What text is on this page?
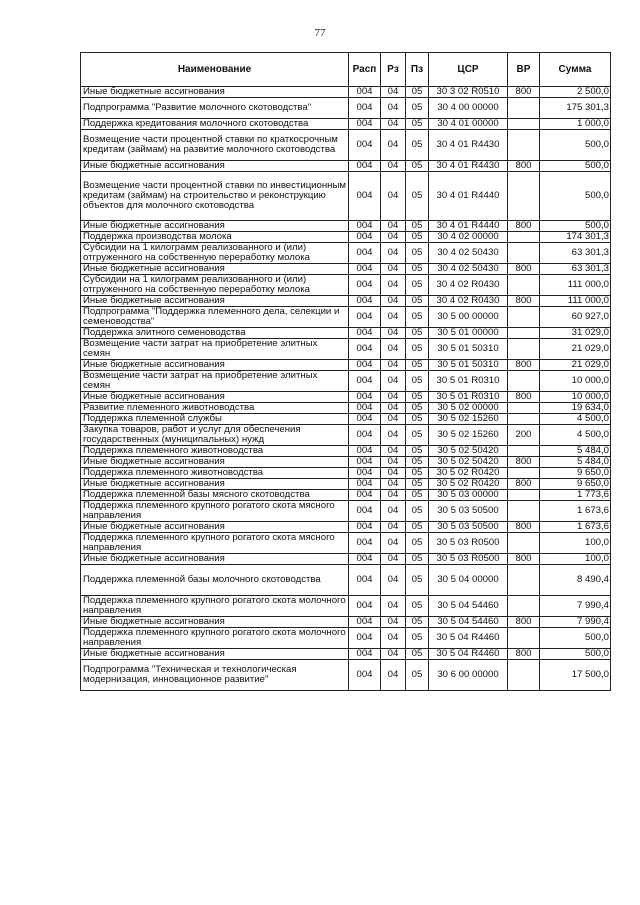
77
Наименование	Расп	Рз	Пз	ЦСР	ВР	Сумма
Иные бюджетные ассигнования	004	04	05	30 3 02 R0510	800	2 500,0
Подпрограмма "Развитие молочного скотоводства"	004	04	05	30 4 00 00000		175 301,3
Поддержка кредитования молочного скотоводства	004	04	05	30 4 01 00000		1 000,0
Возмещение части процентной ставки по краткосрочным кредитам (займам) на развитие молочного скотоводства	004	04	05	30 4 01 R4430		500,0
Иные бюджетные ассигнования	004	04	05	30 4 01 R4430	800	500,0
Возмещение части процентной ставки по инвестиционным кредитам (займам) на строительство и реконструкцию объектов для молочного скотоводства	004	04	05	30 4 01 R4440		500,0
Иные бюджетные ассигнования	004	04	05	30 4 01 R4440	800	500,0
Поддержка производства молока	004	04	05	30 4 02 00000		174 301,3
Субсидии на 1 килограмм реализованного и (или) отгруженного на собственную переработку молока	004	04	05	30 4 02 50430		63 301,3
Иные бюджетные ассигнования	004	04	05	30 4 02 50430	800	63 301,3
Субсидии на 1 килограмм реализованного и (или) отгруженного на собственную переработку молока	004	04	05	30 4 02 R0430		111 000,0
Иные бюджетные ассигнования	004	04	05	30 4 02 R0430	800	111 000,0
Подпрограмма "Поддержка племенного дела, селекции и семеноводства"	004	04	05	30 5 00 00000		60 927,0
Поддержка элитного семеноводства	004	04	05	30 5 01 00000		31 029,0
Возмещение части затрат на приобретение элитных семян	004	04	05	30 5 01 50310		21 029,0
Иные бюджетные ассигнования	004	04	05	30 5 01 50310	800	21 029,0
Возмещение части затрат на приобретение элитных семян	004	04	05	30 5 01 R0310		10 000,0
Иные бюджетные ассигнования	004	04	05	30 5 01 R0310	800	10 000,0
Развитие племенного животноводства	004	04	05	30 5 02 00000		19 634,0
Поддержка племенной службы	004	04	05	30 5 02 15260		4 500,0
Закупка товаров, работ и услуг для обеспечения государственных (муниципальных) нужд	004	04	05	30 5 02 15260	200	4 500,0
Поддержка племенного животноводства	004	04	05	30 5 02 50420		5 484,0
Иные бюджетные ассигнования	004	04	05	30 5 02 50420	800	5 484,0
Поддержка племенного животноводства	004	04	05	30 5 02 R0420		9 650,0
Иные бюджетные ассигнования	004	04	05	30 5 02 R0420	800	9 650,0
Поддержка племенной базы мясного скотоводства	004	04	05	30 5 03 00000		1 773,6
Поддержка племенного крупного рогатого скота мясного направления	004	04	05	30 5 03 50500		1 673,6
Иные бюджетные ассигнования	004	04	05	30 5 03 50500	800	1 673,6
Поддержка племенного крупного рогатого скота мясного направления	004	04	05	30 5 03 R0500		100,0
Иные бюджетные ассигнования	004	04	05	30 5 03 R0500	800	100,0
Поддержка племенной базы молочного скотоводства	004	04	05	30 5 04 00000		8 490,4
Поддержка племенного крупного рогатого скота молочного направления	004	04	05	30 5 04 54460		7 990,4
Иные бюджетные ассигнования	004	04	05	30 5 04 54460	800	7 990,4
Поддержка племенного крупного рогатого скота молочного направления	004	04	05	30 5 04 R4460		500,0
Иные бюджетные ассигнования	004	04	05	30 5 04 R4460	800	500,0
Подпрограмма "Техническая и технологическая модернизация, инновационное развитие"	004	04	05	30 6 00 00000		17 500,0
· · · · ·
